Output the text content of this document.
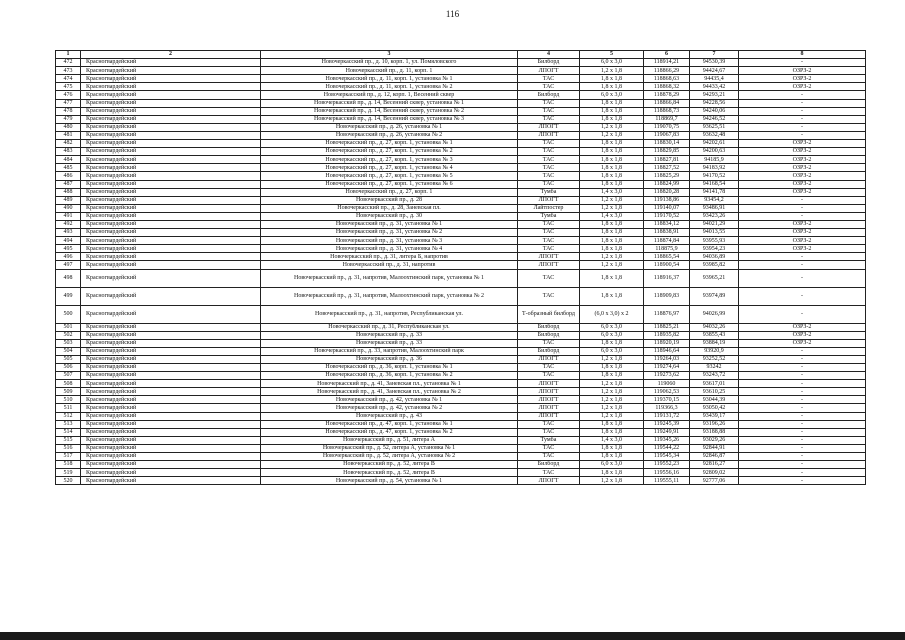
116
1	2	3	4	5	6	7	8
472	Красногвардейский	Новочеркасский пр., д. 10, корп. 1, ул. Помяловского	Билборд	6,0 х 3,0	118914,21	94530,39	-
473	Красногвардейский	Новочеркасский пр., д. 11, корп. 1	ЛПОГТ	1,2 х 1,8	118866,29	94424,67	ОЗРЗ-2
474	Красногвардейский	Новочеркасский пр., д. 11, корп. 1, установка № 1	ТАС	1,8 х 1,8	118868,63	94435,4	ОЗРЗ-2
475	Красногвардейский	Новочеркасский пр., д. 11, корп. 1, установка № 2	ТАС	1,8 х 1,8	118868,32	94433,42	ОЗРЗ-2
476	Красногвардейский	Новочеркасский пр., д. 12, корп. 1, Весенний сквер	Билборд	6,0 х 3,0	118878,29	94293,21	-
477	Красногвардейский	Новочеркасский пр., д. 14, Весенний сквер, установка № 1	ТАС	1,8 х 1,8	118866,84	94228,56	-
478	Красногвардейский	Новочеркасский пр., д. 14, Весенний сквер, установка № 2	ТАС	1,8 х 1,8	118868,73	94240,06	-
479	Красногвардейский	Новочеркасский пр., д. 14, Весенний сквер, установка № 3	ТАС	1,8 х 1,8	118869,7	94246,52	-
480	Красногвардейский	Новочеркасский пр., д. 26, установка № 1	ЛПОГТ	1,2 х 1,8	119070,75	93625,51	-
481	Красногвардейский	Новочеркасский пр., д. 26, установка № 2	ЛПОГТ	1,2 х 1,8	119067,83	93632,48	-
482	Красногвардейский	Новочеркасский пр., д. 27, корп. 1, установка № 1	ТАС	1,8 х 1,8	118830,14	94202,61	ОЗРЗ-2
483	Красногвардейский	Новочеркасский пр., д. 27, корп. 1, установка № 2	ТАС	1,8 х 1,8	118829,85	94200,63	ОЗРЗ-2
484	Красногвардейский	Новочеркасский пр., д. 27, корп. 1, установка № 3	ТАС	1,8 х 1,8	118827,81	94185,9	ОЗРЗ-2
485	Красногвардейский	Новочеркасский пр., д. 27, корп. 1, установка № 4	ТАС	1,8 х 1,8	118827,52	94183,92	ОЗРЗ-2
486	Красногвардейский	Новочеркасский пр., д. 27, корп. 1, установка № 5	ТАС	1,8 х 1,8	118825,29	94170,52	ОЗРЗ-2
487	Красногвардейский	Новочеркасский пр., д. 27, корп. 1, установка № 6	ТАС	1,8 х 1,8	118824,99	94168,54	ОЗРЗ-2
488	Красногвардейский	Новочеркасский пр., д. 27, корп. 1	Тумба	1,4 х 3,0	118820,28	94141,78	ОЗРЗ-2
489	Красногвардейский	Новочеркасский пр., д. 28	ЛПОГТ	1,2 х 1,8	119138,86	93454,2	-
490	Красногвардейский	Новочеркасский пр., д. 28, Заневская пл.	Лайтпостер	1,2 х 1,8	119140,07	93486,91	-
491	Красногвардейский	Новочеркасский пр., д. 30	Тумба	1,4 х 3,0	119170,52	93423,26	-
492	Красногвардейский	Новочеркасский пр., д. 31, установка № 1	ТАС	1,8 х 1,8	118834,12	94021,29	ОЗРЗ-2
493	Красногвардейский	Новочеркасский пр., д. 31, установка № 2	ТАС	1,8 х 1,8	118838,91	94013,55	ОЗРЗ-2
494	Красногвардейский	Новочеркасский пр., д. 31, установка № 3	ТАС	1,8 х 1,8	118874,84	93955,93	ОЗРЗ-2
495	Красногвардейский	Новочеркасский пр., д. 31, установка № 4	ТАС	1,8 х 1,8	118875,9	93954,23	ОЗРЗ-2
496	Красногвардейский	Новочеркасский пр., д. 31, литера Б, напротив	ЛПОГТ	1,2 х 1,8	118865,54	94036,89	-
497	Красногвардейский	Новочеркасский пр., д. 31, напротив	ЛПОГТ	1,2 х 1,8	118900,54	93985,82	-
498	Красногвардейский	Новочеркасский пр., д. 31, напротив, Малоохтинский парк, установка № 1	ТАС	1,8 х 1,8	118916,37	93965,21	-
499	Красногвардейский	Новочеркасский пр., д. 31, напротив, Малоохтинский парк, установка № 2	ТАС	1,8 х 1,8	118909,83	93974,89	-
500	Красногвардейский	Новочеркасский пр., д. 31, напротив, Республиканская ул.	Т-образный билборд	(6,0 х 3,0) х 2	118876,97	94026,99	-
501	Красногвардейский	Новочеркасский пр., д. 31, Республиканская ул.	Билборд	6,0 х 3,0	118825,21	94032,26	ОЗРЗ-2
502	Красногвардейский	Новочеркасский пр., д. 33	Билборд	6,0 х 3,0	118935,82	93855,43	ОЗРЗ-2
503	Красногвардейский	Новочеркасский пр., д. 33	ТАС	1,8 х 1,8	118920,19	93884,19	ОЗРЗ-2
504	Красногвардейский	Новочеркасский пр., д. 33, напротив, Малоохтинский парк	Билборд	6,0 х 3,0	118946,64	93920,9	-
505	Красногвардейский	Новочеркасский пр., д. 36	ЛПОГТ	1,2 х 1,8	119264,03	93252,52	-
506	Красногвардейский	Новочеркасский пр., д. 36, корп. 1, установка № 1	ТАС	1,8 х 1,8	119274,64	93242	-
507	Красногвардейский	Новочеркасский пр., д. 36, корп. 1, установка № 2	ТАС	1,8 х 1,8	119273,62	93243,72	-
508	Красногвардейский	Новочеркасский пр., д. 41, Заневская пл., установка № 1	ЛПОГТ	1,2 х 1,8	119060	93617,01	-
509	Красногвардейский	Новочеркасский пр., д. 41, Заневская пл., установка № 2	ЛПОГТ	1,2 х 1,8	119062,53	93610,25	-
510	Красногвардейский	Новочеркасский пр., д. 42, установка № 1	ЛПОГТ	1,2 х 1,8	119370,15	93044,39	-
511	Красногвардейский	Новочеркасский пр., д. 42, установка № 2	ЛПОГТ	1,2 х 1,8	119366,3	93050,42	-
512	Красногвардейский	Новочеркасский пр., д. 43	ЛПОГТ	1,2 х 1,8	119131,72	93439,17	-
513	Красногвардейский	Новочеркасский пр., д. 47, корп. 1, установка № 1	ТАС	1,8 х 1,8	119245,39	93196,26	-
514	Красногвардейский	Новочеркасский пр., д. 47, корп. 1, установка № 2	ТАС	1,8 х 1,8	119249,91	93188,88	-
515	Красногвардейский	Новочеркасский пр., д. 51, литера А	Тумба	1,4 х 3,0	119345,26	93029,26	-
516	Красногвардейский	Новочеркасский пр., д. 52, литера А, установка № 1	ТАС	1,8 х 1,8	119544,22	92844,91	-
517	Красногвардейский	Новочеркасский пр., д. 52, литера А, установка № 2	ТАС	1,8 х 1,8	119545,34	92846,87	-
518	Красногвардейский	Новочеркасский пр., д. 52, литера В	Билборд	6,0 х 3,0	119552,23	92816,27	-
519	Красногвардейский	Новочеркасский пр., д. 52, литера В	ТАС	1,8 х 1,8	119556,16	92809,02	-
520	Красногвардейский	Новочеркасский пр., д. 54, установка № 1	ЛПОГТ	1,2 х 1,8	119555,11	92777,06	-
